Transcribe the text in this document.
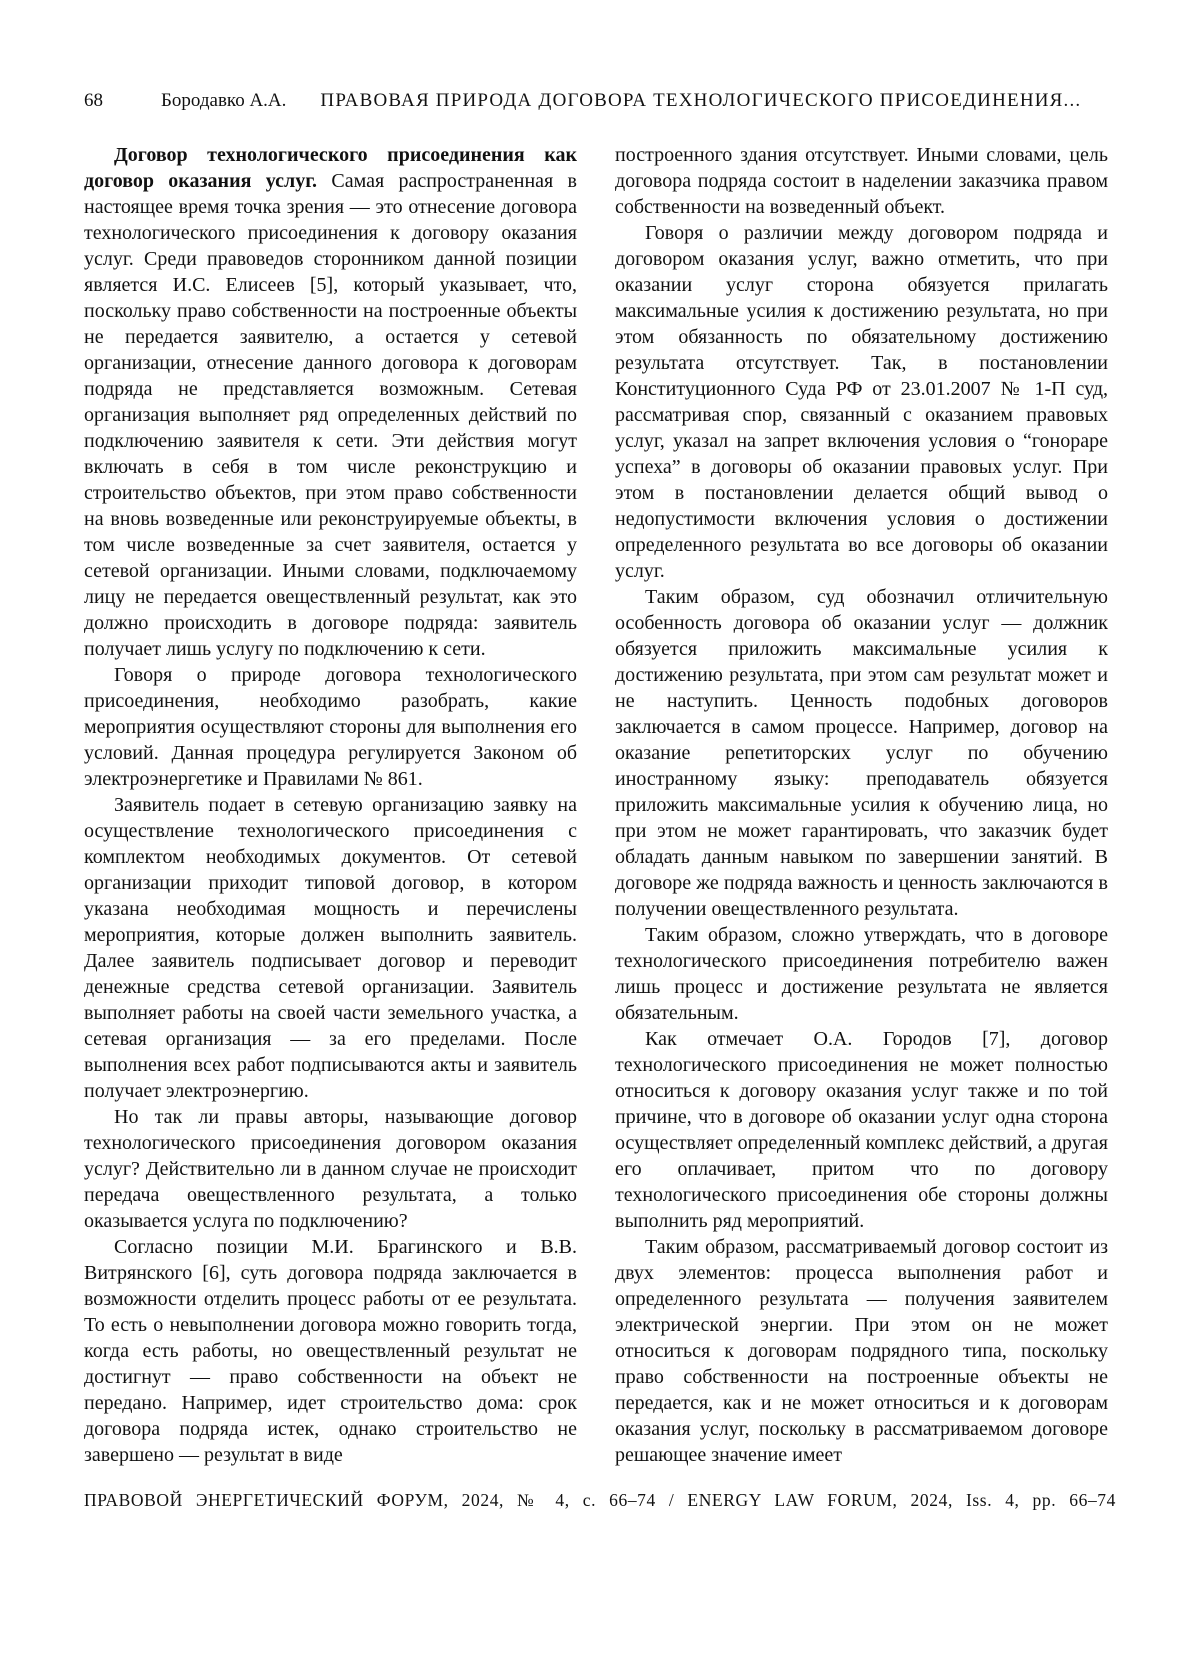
68	Бородавко А.А. ПРАВОВАЯ ПРИРОДА ДОГОВОРА ТЕХНОЛОГИЧЕСКОГО ПРИСОЕДИНЕНИЯ...

Договор технологического присоединения как договор оказания услуг. Самая распространенная в настоящее время точка зрения — это отнесение договора технологического присоединения к договору оказания услуг. Среди правоведов сторонником данной позиции является И.С. Елисеев [5], который указывает, что, поскольку право собственности на построенные объекты не передается заявителю, а остается у сетевой организации, отнесение данного договора к договорам подряда не представляется возможным. Сетевая организация выполняет ряд определенных действий по подключению заявителя к сети. Эти действия могут включать в себя в том числе реконструкцию и строительство объектов, при этом право собственности на вновь возведенные или реконструируемые объекты, в том числе возведенные за счет заявителя, остается у сетевой организации. Иными словами, подключаемому лицу не передается овеществленный результат, как это должно происходить в договоре подряда: заявитель получает лишь услугу по подключению к сети.

Говоря о природе договора технологического присоединения, необходимо разобрать, какие мероприятия осуществляют стороны для выполнения его условий. Данная процедура регулируется Законом об электроэнергетике и Правилами № 861.

Заявитель подает в сетевую организацию заявку на осуществление технологического присоединения с комплектом необходимых документов. От сетевой организации приходит типовой договор, в котором указана необходимая мощность и перечислены мероприятия, которые должен выполнить заявитель. Далее заявитель подписывает договор и переводит денежные средства сетевой организации. Заявитель выполняет работы на своей части земельного участка, а сетевая организация — за его пределами. После выполнения всех работ подписываются акты и заявитель получает электроэнергию.

Но так ли правы авторы, называющие договор технологического присоединения договором оказания услуг? Действительно ли в данном случае не происходит передача овеществленного результата, а только оказывается услуга по подключению?

Согласно позиции М.И. Брагинского и В.В. Витрянского [6], суть договора подряда заключается в возможности отделить процесс работы от ее результата. То есть о невыполнении договора можно говорить тогда, когда есть работы, но овеществленный результат не достигнут — право собственности на объект не передано. Например, идет строительство дома: срок договора подряда истек, однако строительство не завершено — результат в виде

построенного здания отсутствует. Иными словами, цель договора подряда состоит в наделении заказчика правом собственности на возведенный объект.

Говоря о различии между договором подряда и договором оказания услуг, важно отметить, что при оказании услуг сторона обязуется прилагать максимальные усилия к достижению результата, но при этом обязанность по обязательному достижению результата отсутствует. Так, в постановлении Конституционного Суда РФ от 23.01.2007 № 1-П суд, рассматривая спор, связанный с оказанием правовых услуг, указал на запрет включения условия о “гонораре успеха” в договоры об оказании правовых услуг. При этом в постановлении делается общий вывод о недопустимости включения условия о достижении определенного результата во все договоры об оказании услуг.

Таким образом, суд обозначил отличительную особенность договора об оказании услуг — должник обязуется приложить максимальные усилия к достижению результата, при этом сам результат может и не наступить. Ценность подобных договоров заключается в самом процессе. Например, договор на оказание репетиторских услуг по обучению иностранному языку: преподаватель обязуется приложить максимальные усилия к обучению лица, но при этом не может гарантировать, что заказчик будет обладать данным навыком по завершении занятий. В договоре же подряда важность и ценность заключаются в получении овеществленного результата.

Таким образом, сложно утверждать, что в договоре технологического присоединения потребителю важен лишь процесс и достижение результата не является обязательным.

Как отмечает О.А. Городов [7], договор технологического присоединения не может полностью относиться к договору оказания услуг также и по той причине, что в договоре об оказании услуг одна сторона осуществляет определенный комплекс действий, а другая его оплачивает, притом что по договору технологического присоединения обе стороны должны выполнить ряд мероприятий.

Таким образом, рассматриваемый договор состоит из двух элементов: процесса выполнения работ и определенного результата — получения заявителем электрической энергии. При этом он не может относиться к договорам подрядного типа, поскольку право собственности на построенные объекты не передается, как и не может относиться и к договорам оказания услуг, поскольку в рассматриваемом договоре решающее значение имеет

ПРАВОВОЙ ЭНЕРГЕТИЧЕСКИЙ ФОРУМ, 2024, № 4, с. 66–74 / ENERGY LAW FORUM, 2024, Iss. 4, pp. 66–74
